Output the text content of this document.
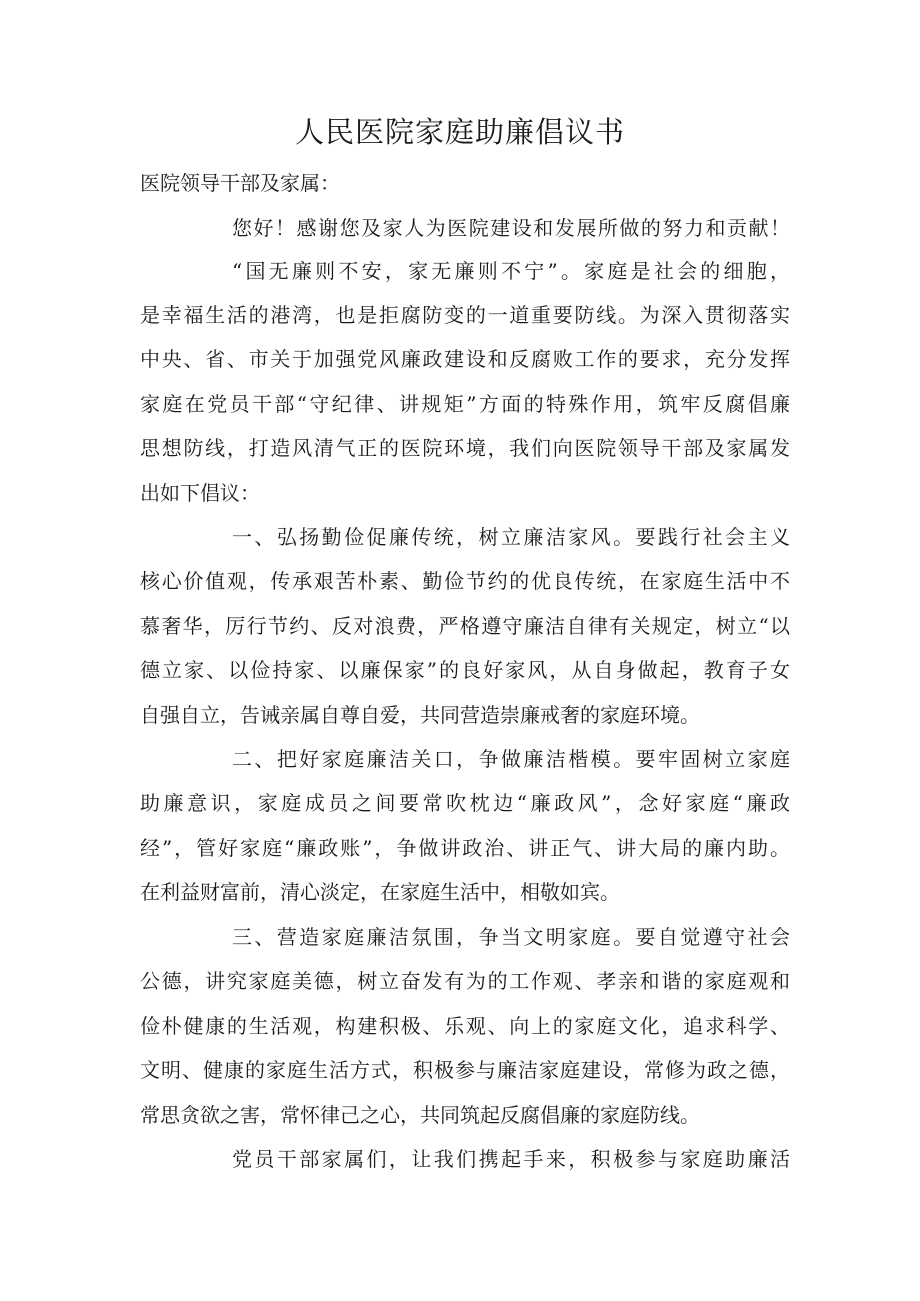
人民医院家庭助廉倡议书
医院领导干部及家属：
您好！感谢您及家人为医院建设和发展所做的努力和贡献！
“国无廉则不安，家无廉则不宁”。家庭是社会的细胞，
是幸福生活的港湾，也是拒腐防变的一道重要防线。为深入贯彻落实
中央、省、市关于加强党风廉政建设和反腐败工作的要求，充分发挥
家庭在党员干部“守纪律、讲规矩”方面的特殊作用，筑牢反腐倡廉
思想防线，打造风清气正的医院环境，我们向医院领导干部及家属发
出如下倡议：
一、弘扬勤俭促廉传统，树立廉洁家风。要践行社会主义
核心价值观，传承艰苦朴素、勤俭节约的优良传统，在家庭生活中不
慕奢华，厉行节约、反对浪费，严格遵守廉洁自律有关规定，树立“以
德立家、以俭持家、以廉保家”的良好家风，从自身做起，教育子女
自强自立，告诫亲属自尊自爱，共同营造崇廉戒奢的家庭环境。
二、把好家庭廉洁关口，争做廉洁楷模。要牢固树立家庭
助廉意识，家庭成员之间要常吹枕边“廉政风”，念好家庭“廉政
经”，管好家庭“廉政账”，争做讲政治、讲正气、讲大局的廉内助。
在利益财富前，清心淡定，在家庭生活中，相敬如宾。
三、营造家庭廉洁氛围，争当文明家庭。要自觉遵守社会
公德，讲究家庭美德，树立奋发有为的工作观、孝亲和谐的家庭观和
俭朴健康的生活观，构建积极、乐观、向上的家庭文化，追求科学、
文明、健康的家庭生活方式，积极参与廉洁家庭建设，常修为政之德，
常思贪欲之害，常怀律己之心，共同筑起反腐倡廉的家庭防线。
党员干部家属们，让我们携起手来，积极参与家庭助廉活
